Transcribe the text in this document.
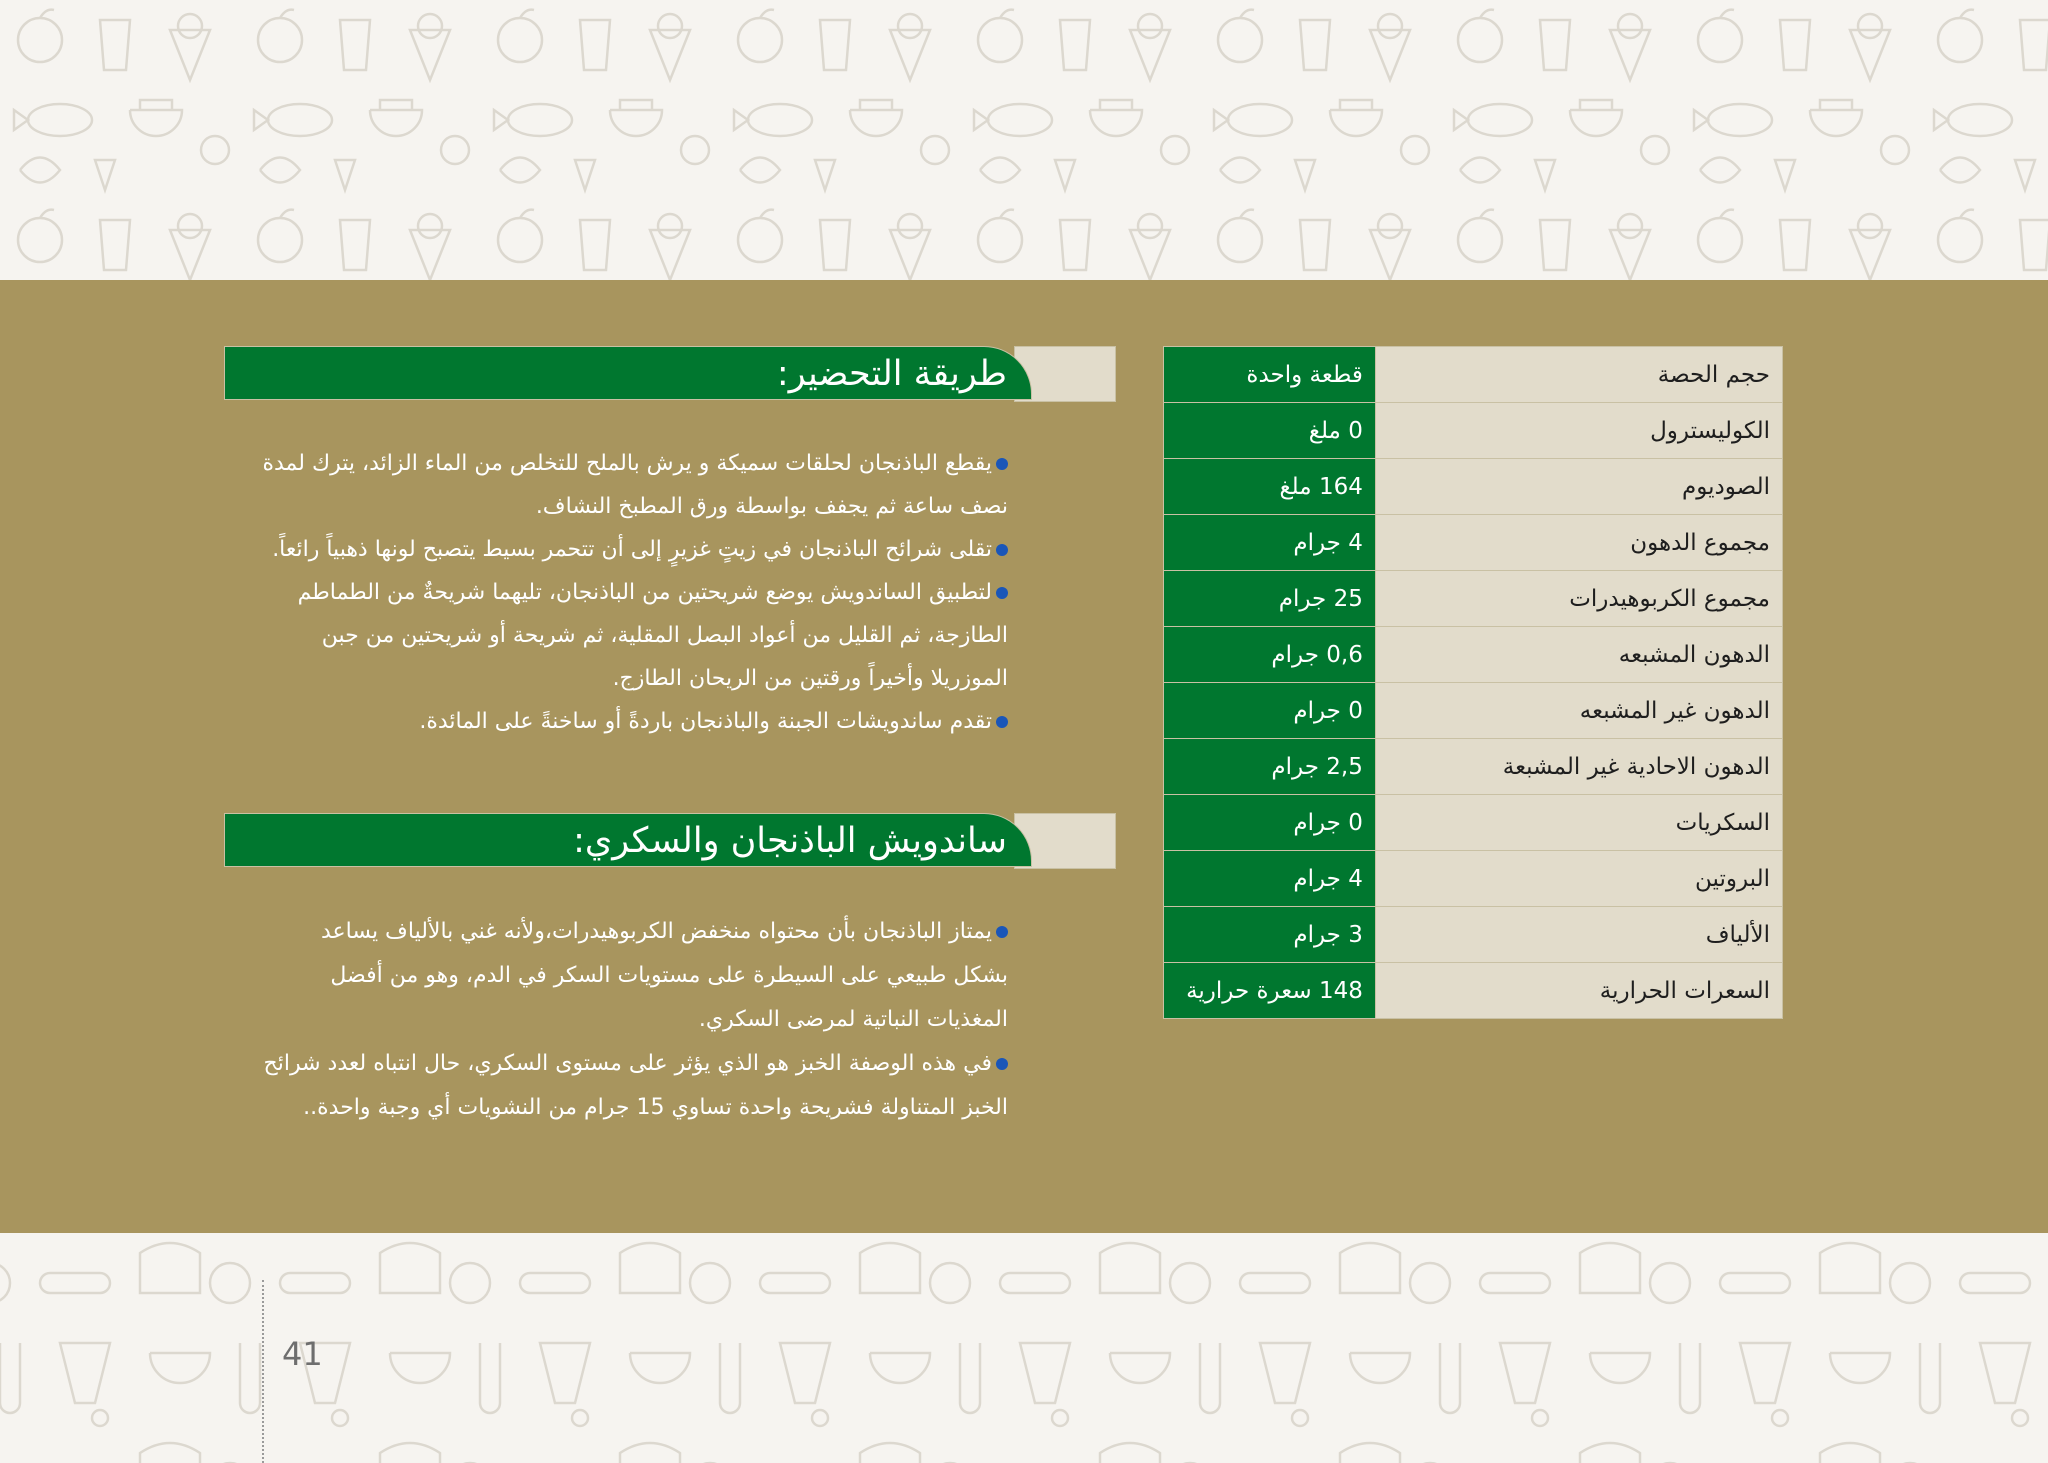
حجم الحصة	قطعة واحدة
الكوليسترول	0 ملغ
الصوديوم	164 ملغ
مجموع الدهون	4 جرام
مجموع الكربوهيدرات	25 جرام
الدهون المشبعه	0,6 جرام
الدهون غير المشبعه	0 جرام
الدهون الاحادية غير المشبعة	2,5 جرام
السكريات	0 جرام
البروتين	4 جرام
الألياف	3 جرام
السعرات الحرارية	148 سعرة حرارية
طريقة التحضير:
يقطع الباذنجان لحلقات سميكة و يرش بالملح للتخلص من الماء الزائد، يترك لمدة نصف ساعة ثم يجفف بواسطة ورق المطبخ النشاف.
تقلى شرائح الباذنجان في زيتٍ غزيرٍ إلى أن تتحمر بسيط يتصبح لونها ذهبياً رائعاً.
لتطبيق الساندويش يوضع شريحتين من الباذنجان، تليهما شريحةٌ من الطماطم الطازجة، ثم القليل من أعواد البصل المقلية، ثم شريحة أو شريحتين من جبن الموزريلا وأخيراً ورقتين من الريحان الطازج.
تقدم ساندويشات الجبنة والباذنجان باردةً أو ساخنةً على المائدة.
ساندويش الباذنجان والسكري:
يمتاز الباذنجان بأن محتواه منخفض الكربوهيدرات،ولأنه غني بالألياف يساعد بشكل طبيعي على السيطرة على مستويات السكر في الدم، وهو من أفضل المغذيات النباتية لمرضى السكري.
في هذه الوصفة الخبز هو الذي يؤثر على مستوى السكري، حال انتباه لعدد شرائح الخبز المتناولة فشريحة واحدة تساوي 15 جرام من النشويات أي وجبة واحدة..
41
